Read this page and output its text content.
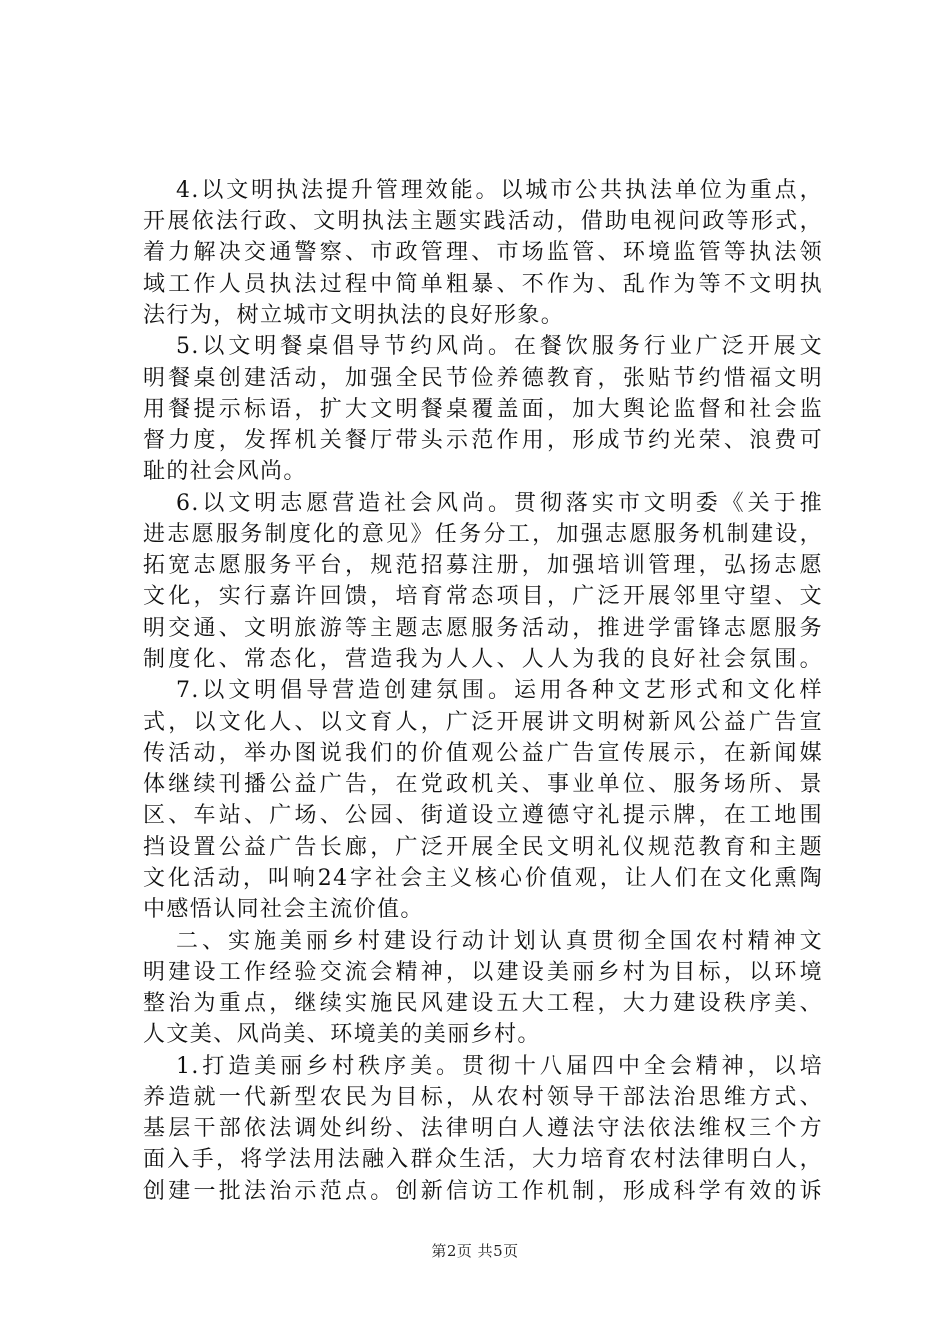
4.以文明执法提升管理效能。以城市公共执法单位为重点，
开展依法行政、文明执法主题实践活动，借助电视问政等形式，
着力解决交通警察、市政管理、市场监管、环境监管等执法领
域工作人员执法过程中简单粗暴、不作为、乱作为等不文明执
法行为，树立城市文明执法的良好形象。
5.以文明餐桌倡导节约风尚。在餐饮服务行业广泛开展文
明餐桌创建活动，加强全民节俭养德教育，张贴节约惜福文明
用餐提示标语，扩大文明餐桌覆盖面，加大舆论监督和社会监
督力度，发挥机关餐厅带头示范作用，形成节约光荣、浪费可
耻的社会风尚。
6.以文明志愿营造社会风尚。贯彻落实市文明委《关于推
进志愿服务制度化的意见》任务分工，加强志愿服务机制建设，
拓宽志愿服务平台，规范招募注册，加强培训管理，弘扬志愿
文化，实行嘉许回馈，培育常态项目，广泛开展邻里守望、文
明交通、文明旅游等主题志愿服务活动，推进学雷锋志愿服务
制度化、常态化，营造我为人人、人人为我的良好社会氛围。
7.以文明倡导营造创建氛围。运用各种文艺形式和文化样
式，以文化人、以文育人，广泛开展讲文明树新风公益广告宣
传活动，举办图说我们的价值观公益广告宣传展示，在新闻媒
体继续刊播公益广告，在党政机关、事业单位、服务场所、景
区、车站、广场、公园、街道设立遵德守礼提示牌，在工地围
挡设置公益广告长廊，广泛开展全民文明礼仪规范教育和主题
文化活动，叫响24字社会主义核心价值观，让人们在文化熏陶
中感悟认同社会主流价值。
二、实施美丽乡村建设行动计划认真贯彻全国农村精神文
明建设工作经验交流会精神，以建设美丽乡村为目标，以环境
整治为重点，继续实施民风建设五大工程，大力建设秩序美、
人文美、风尚美、环境美的美丽乡村。
1.打造美丽乡村秩序美。贯彻十八届四中全会精神，以培
养造就一代新型农民为目标，从农村领导干部法治思维方式、
基层干部依法调处纠纷、法律明白人遵法守法依法维权三个方
面入手，将学法用法融入群众生活，大力培育农村法律明白人，
创建一批法治示范点。创新信访工作机制，形成科学有效的诉
第2页 共5页
